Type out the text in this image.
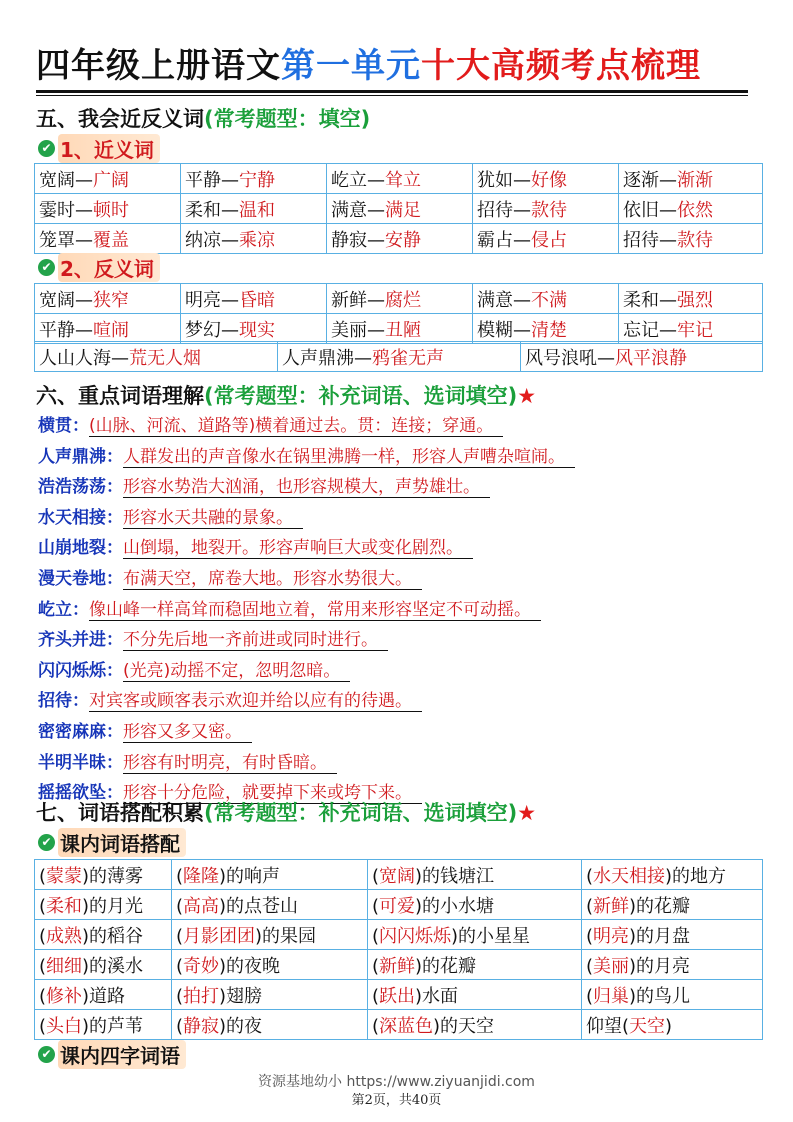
四年级上册语文第一单元十大高频考点梳理
五、我会近反义词(常考题型：填空)
✔ 1、近义词
宽阔—广阔	平静—宁静	屹立—耸立	犹如—好像	逐渐—渐渐
霎时—顿时	柔和—温和	满意—满足	招待—款待	依旧—依然
笼罩—覆盖	纳凉—乘凉	静寂—安静	霸占—侵占	招待—款待
✔ 2、反义词
宽阔—狭窄	明亮—昏暗	新鲜—腐烂	满意—不满	柔和—强烈
平静—喧闹	梦幻—现实	美丽—丑陋	模糊—清楚	忘记—牢记
人山人海—荒无人烟	人声鼎沸—鸦雀无声	风号浪吼—风平浪静
六、重点词语理解(常考题型：补充词语、选词填空)★
横贯：(山脉、河流、道路等)横着通过去。贯：连接；穿通。
人声鼎沸：人群发出的声音像水在锅里沸腾一样，形容人声嘈杂喧闹。
浩浩荡荡：形容水势浩大汹涌，也形容规模大，声势雄壮。
水天相接：形容水天共融的景象。
山崩地裂：山倒塌，地裂开。形容声响巨大或变化剧烈。
漫天卷地：布满天空，席卷大地。形容水势很大。
屹立：像山峰一样高耸而稳固地立着，常用来形容坚定不可动摇。
齐头并进：不分先后地一齐前进或同时进行。
闪闪烁烁：(光亮)动摇不定，忽明忽暗。
招待：对宾客或顾客表示欢迎并给以应有的待遇。
密密麻麻：形容又多又密。
半明半昧：形容有时明亮，有时昏暗。
摇摇欲坠：形容十分危险，就要掉下来或垮下来。
七、词语搭配积累(常考题型：补充词语、选词填空)★
✔ 课内词语搭配
(蒙蒙)的薄雾	(隆隆)的响声	(宽阔)的钱塘江	(水天相接)的地方
(柔和)的月光	(高高)的点苍山	(可爱)的小水塘	(新鲜)的花瓣
(成熟)的稻谷	(月影团团)的果园	(闪闪烁烁)的小星星	(明亮)的月盘
(细细)的溪水	(奇妙)的夜晚	(新鲜)的花瓣	(美丽)的月亮
(修补)道路	(拍打)翅膀	(跃出)水面	(归巢)的鸟儿
(头白)的芦苇	(静寂)的夜	(深蓝色)的天空	仰望(天空)
✔ 课内四字词语
资源基地幼小 https://www.ziyuanjidi.com
第2页，共40页
